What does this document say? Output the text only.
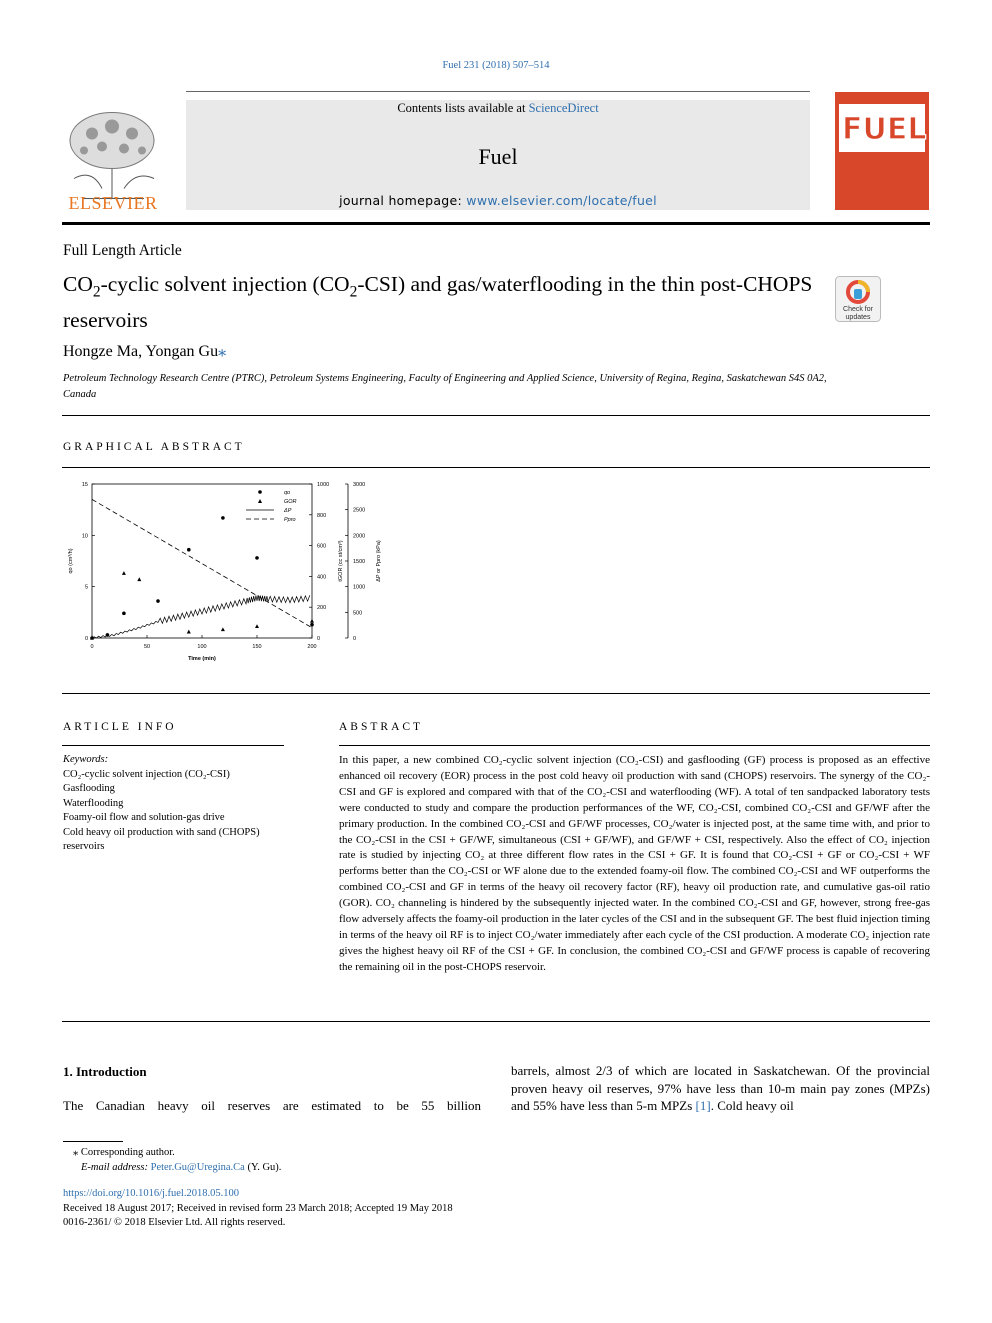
Fuel 231 (2018) 507–514
ELSEVIER
Contents lists available at ScienceDirect
Fuel
journal homepage: www.elsevier.com/locate/fuel
FUEL
Full Length Article
$CO_2$-cyclic solvent injection $(CO_2-CSI)$ and gas/waterflooding in the thin post-CHOPS reservoirs	Check for updates
Hongze Ma, Yongan Gu⁎
Petroleum Technology Research Centre (PTRC), Petroleum Systems Engineering, Faculty of Engineering and Applied Science, University of Regina, Regina, Saskatchewan S4S 0A2, Canada
GRAPHICAL ABSTRACT
0
5
10
15
0
200
400
600
800
1000
0
500
1000
1500
2000
2500
3000
0	50	100	150	200
Time (min)
qo (cm³/h)	tGOR (cc st/cm³)	ΔP or Ppro (kPa)
qo
GOR
ΔP
Ppro
ARTICLE INFO	ABSTRACT
Keywords:
CO₂-cyclic solvent injection (CO₂-CSI)
Gasflooding
Waterflooding
Foamy-oil flow and solution-gas drive
Cold heavy oil production with sand (CHOPS)
reservoirs
In this paper, a new combined CO₂-cyclic solvent injection (CO₂-CSI) and gasflooding (GF) process is proposed as an effective enhanced oil recovery (EOR) process in the post cold heavy oil production with sand (CHOPS) reservoirs. The synergy of the CO₂-CSI and GF is explored and compared with that of the CO₂-CSI and waterflooding (WF). A total of ten sandpacked laboratory tests were conducted to study and compare the production performances of the WF, CO₂-CSI, combined CO₂-CSI and GF/WF after the primary production. In the combined CO₂-CSI and GF/WF processes, CO₂/water is injected post, at the same time with, and prior to the CO₂-CSI in the CSI + GF/WF, simultaneous (CSI + GF/WF), and GF/WF + CSI, respectively. Also the effect of CO₂ injection rate is studied by injecting CO₂ at three different flow rates in the CSI + GF. It is found that CO₂-CSI + GF or CO₂-CSI + WF performs better than the CO₂-CSI or WF alone due to the extended foamy-oil flow. The combined CO₂-CSI and WF outperforms the combined CO₂-CSI and GF in terms of the heavy oil recovery factor (RF), heavy oil production rate, and cumulative gas-oil ratio (GOR). CO₂ channeling is hindered by the subsequently injected water. In the combined CO₂-CSI and GF, however, strong free-gas flow adversely affects the foamy-oil production in the later cycles of the CSI and in the subsequent GF. The best fluid injection timing in terms of the heavy oil RF is to inject CO₂/water immediately after each cycle of the CSI production. A moderate CO₂ injection rate gives the highest heavy oil RF of the CSI + GF. In conclusion, the combined CO₂-CSI and GF/WF process is capable of recovering the remaining oil in the post-CHOPS reservoir.
1. Introduction
The Canadian heavy oil reserves are estimated to be 55 billion
barrels, almost 2/3 of which are located in Saskatchewan. Of the provincial proven heavy oil reserves, 97% have less than 10-m main pay zones (MPZs) and 55% have less than 5-m MPZs [1]. Cold heavy oil
⁎ Corresponding author.
E-mail address: Peter.Gu@Uregina.Ca (Y. Gu).
https://doi.org/10.1016/j.fuel.2018.05.100
Received 18 August 2017; Received in revised form 23 March 2018; Accepted 19 May 2018
0016-2361/ © 2018 Elsevier Ltd. All rights reserved.
